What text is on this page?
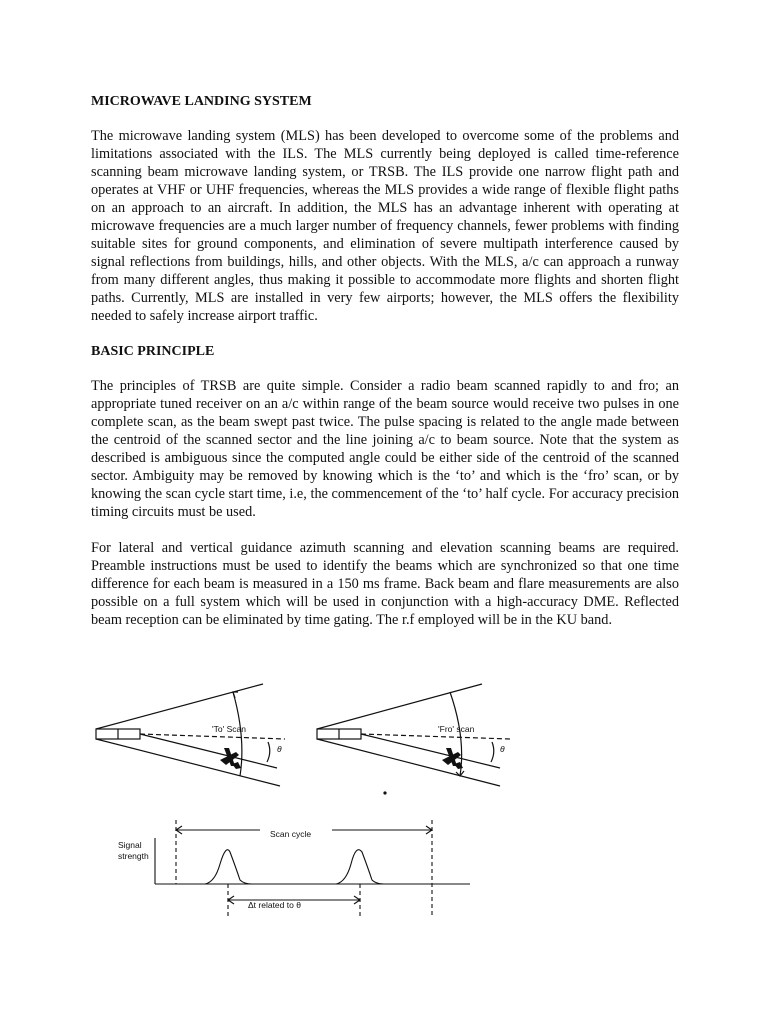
MICROWAVE LANDING SYSTEM

The microwave landing system (MLS) has been developed to overcome some of the problems and limitations associated with the ILS. The MLS currently being deployed is called time-reference scanning beam microwave landing system, or TRSB. The ILS provide one narrow flight path and operates at VHF or UHF frequencies, whereas the MLS provides a wide range of flexible flight paths on an approach to an aircraft. In addition, the MLS has an advantage inherent with operating at microwave frequencies are a much larger number of frequency channels, fewer problems with finding suitable sites for ground components, and elimination of severe multipath interference caused by signal reflections from buildings, hills, and other objects. With the MLS, a/c can approach a runway from many different angles, thus making it possible to accommodate more flights and shorten flight paths. Currently, MLS are installed in very few airports; however, the MLS offers the flexibility needed to safely increase airport traffic.

BASIC PRINCIPLE

The principles of TRSB are quite simple. Consider a radio beam scanned rapidly to and fro; an appropriate tuned receiver on an a/c within range of the beam source would receive two pulses in one complete scan, as the beam swept past twice. The pulse spacing is related to the angle made between the centroid of the scanned sector and the line joining a/c to beam source. Note that the system as described is ambiguous since the computed angle could be either side of the centroid of the scanned sector. Ambiguity may be removed by knowing which is the ‘to’ and which is the ‘fro’ scan, or by knowing the scan cycle start time, i.e, the commencement of the ‘to’ half cycle. For accuracy precision timing circuits must be used.

For lateral and vertical guidance azimuth scanning and elevation scanning beams are required. Preamble instructions must be used to identify the beams which are synchronized so that one time difference for each beam is measured in a 150 ms frame. Back beam and flare measurements are also possible on a full system which will be used in conjunction with a high-accuracy DME. Reflected beam reception can be eliminated by time gating. The r.f employed will be in the KU band.

'To' Scan
θ
'Fro' scan
θ
Signal
strength
Scan cycle
Δt related to θ
